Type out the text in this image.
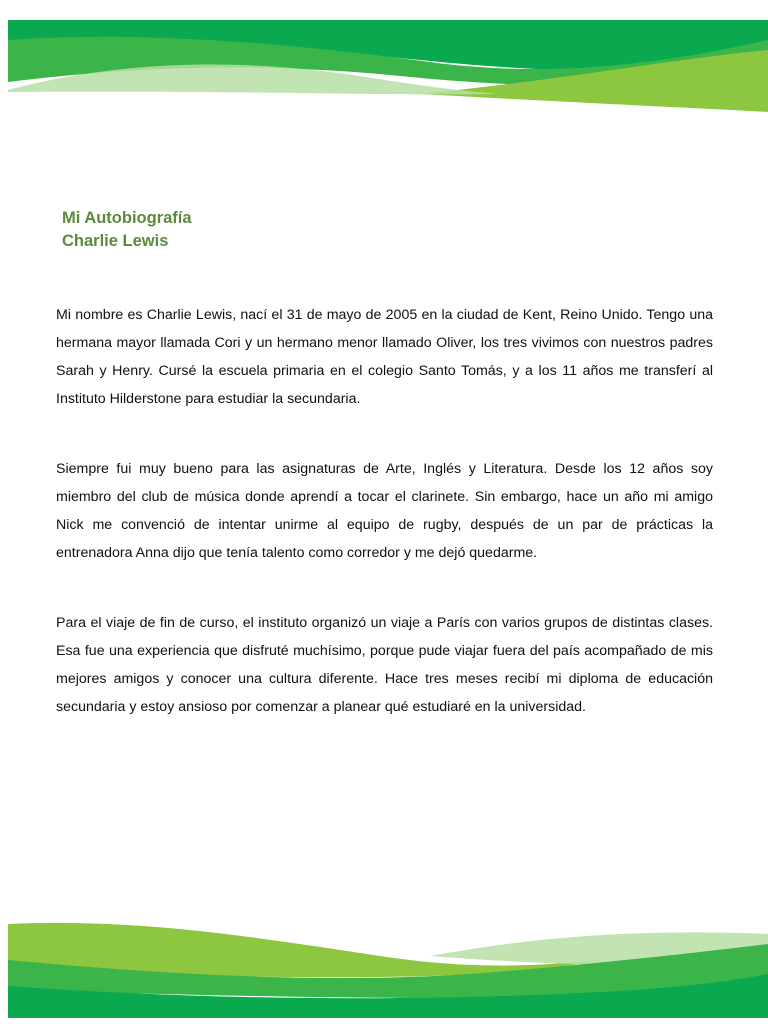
Mi Autobiografía
Charlie Lewis

Mi nombre es Charlie Lewis, nací el 31 de mayo de 2005 en la ciudad de Kent, Reino Unido. Tengo una hermana mayor llamada Cori y un hermano menor llamado Oliver, los tres vivimos con nuestros padres Sarah y Henry. Cursé la escuela primaria en el colegio Santo Tomás, y a los 11 años me transferí al Instituto Hilderstone para estudiar la secundaria.

Siempre fui muy bueno para las asignaturas de Arte, Inglés y Literatura. Desde los 12 años soy miembro del club de música donde aprendí a tocar el clarinete. Sin embargo, hace un año mi amigo Nick me convenció de intentar unirme al equipo de rugby, después de un par de prácticas la entrenadora Anna dijo que tenía talento como corredor y me dejó quedarme.

Para el viaje de fin de curso, el instituto organizó un viaje a París con varios grupos de distintas clases. Esa fue una experiencia que disfruté muchísimo, porque pude viajar fuera del país acompañado de mis mejores amigos y conocer una cultura diferente. Hace tres meses recibí mi diploma de educación secundaria y estoy ansioso por comenzar a planear qué estudiaré en la universidad.
